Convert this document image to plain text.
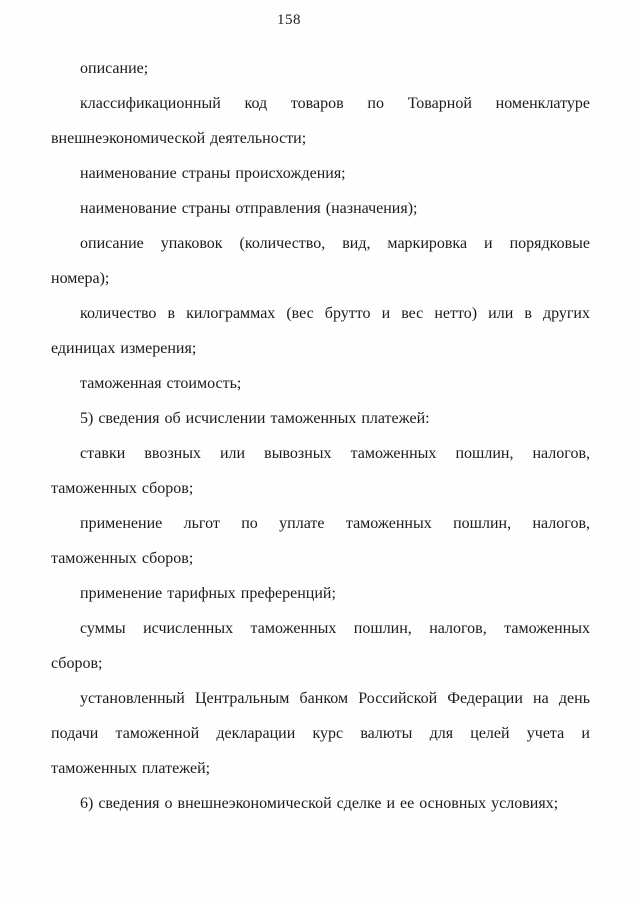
158

описание;

классификационный код товаров по Товарной номенклатуре
внешнеэкономической деятельности;

наименование страны происхождения;

наименование страны отправления (назначения);

описание упаковок (количество, вид, маркировка и порядковые
номера);

количество в килограммах (вес брутто и вес нетто) или в других
единицах измерения;

таможенная стоимость;

5) сведения об исчислении таможенных платежей:

ставки ввозных или вывозных таможенных пошлин, налогов,
таможенных сборов;

применение льгот по уплате таможенных пошлин, налогов,
таможенных сборов;

применение тарифных преференций;

суммы исчисленных таможенных пошлин, налогов, таможенных
сборов;

установленный Центральным банком Российской Федерации на день
подачи таможенной декларации курс валюты для целей учета и
таможенных платежей;

6) сведения о внешнеэкономической сделке и ее основных условиях;
